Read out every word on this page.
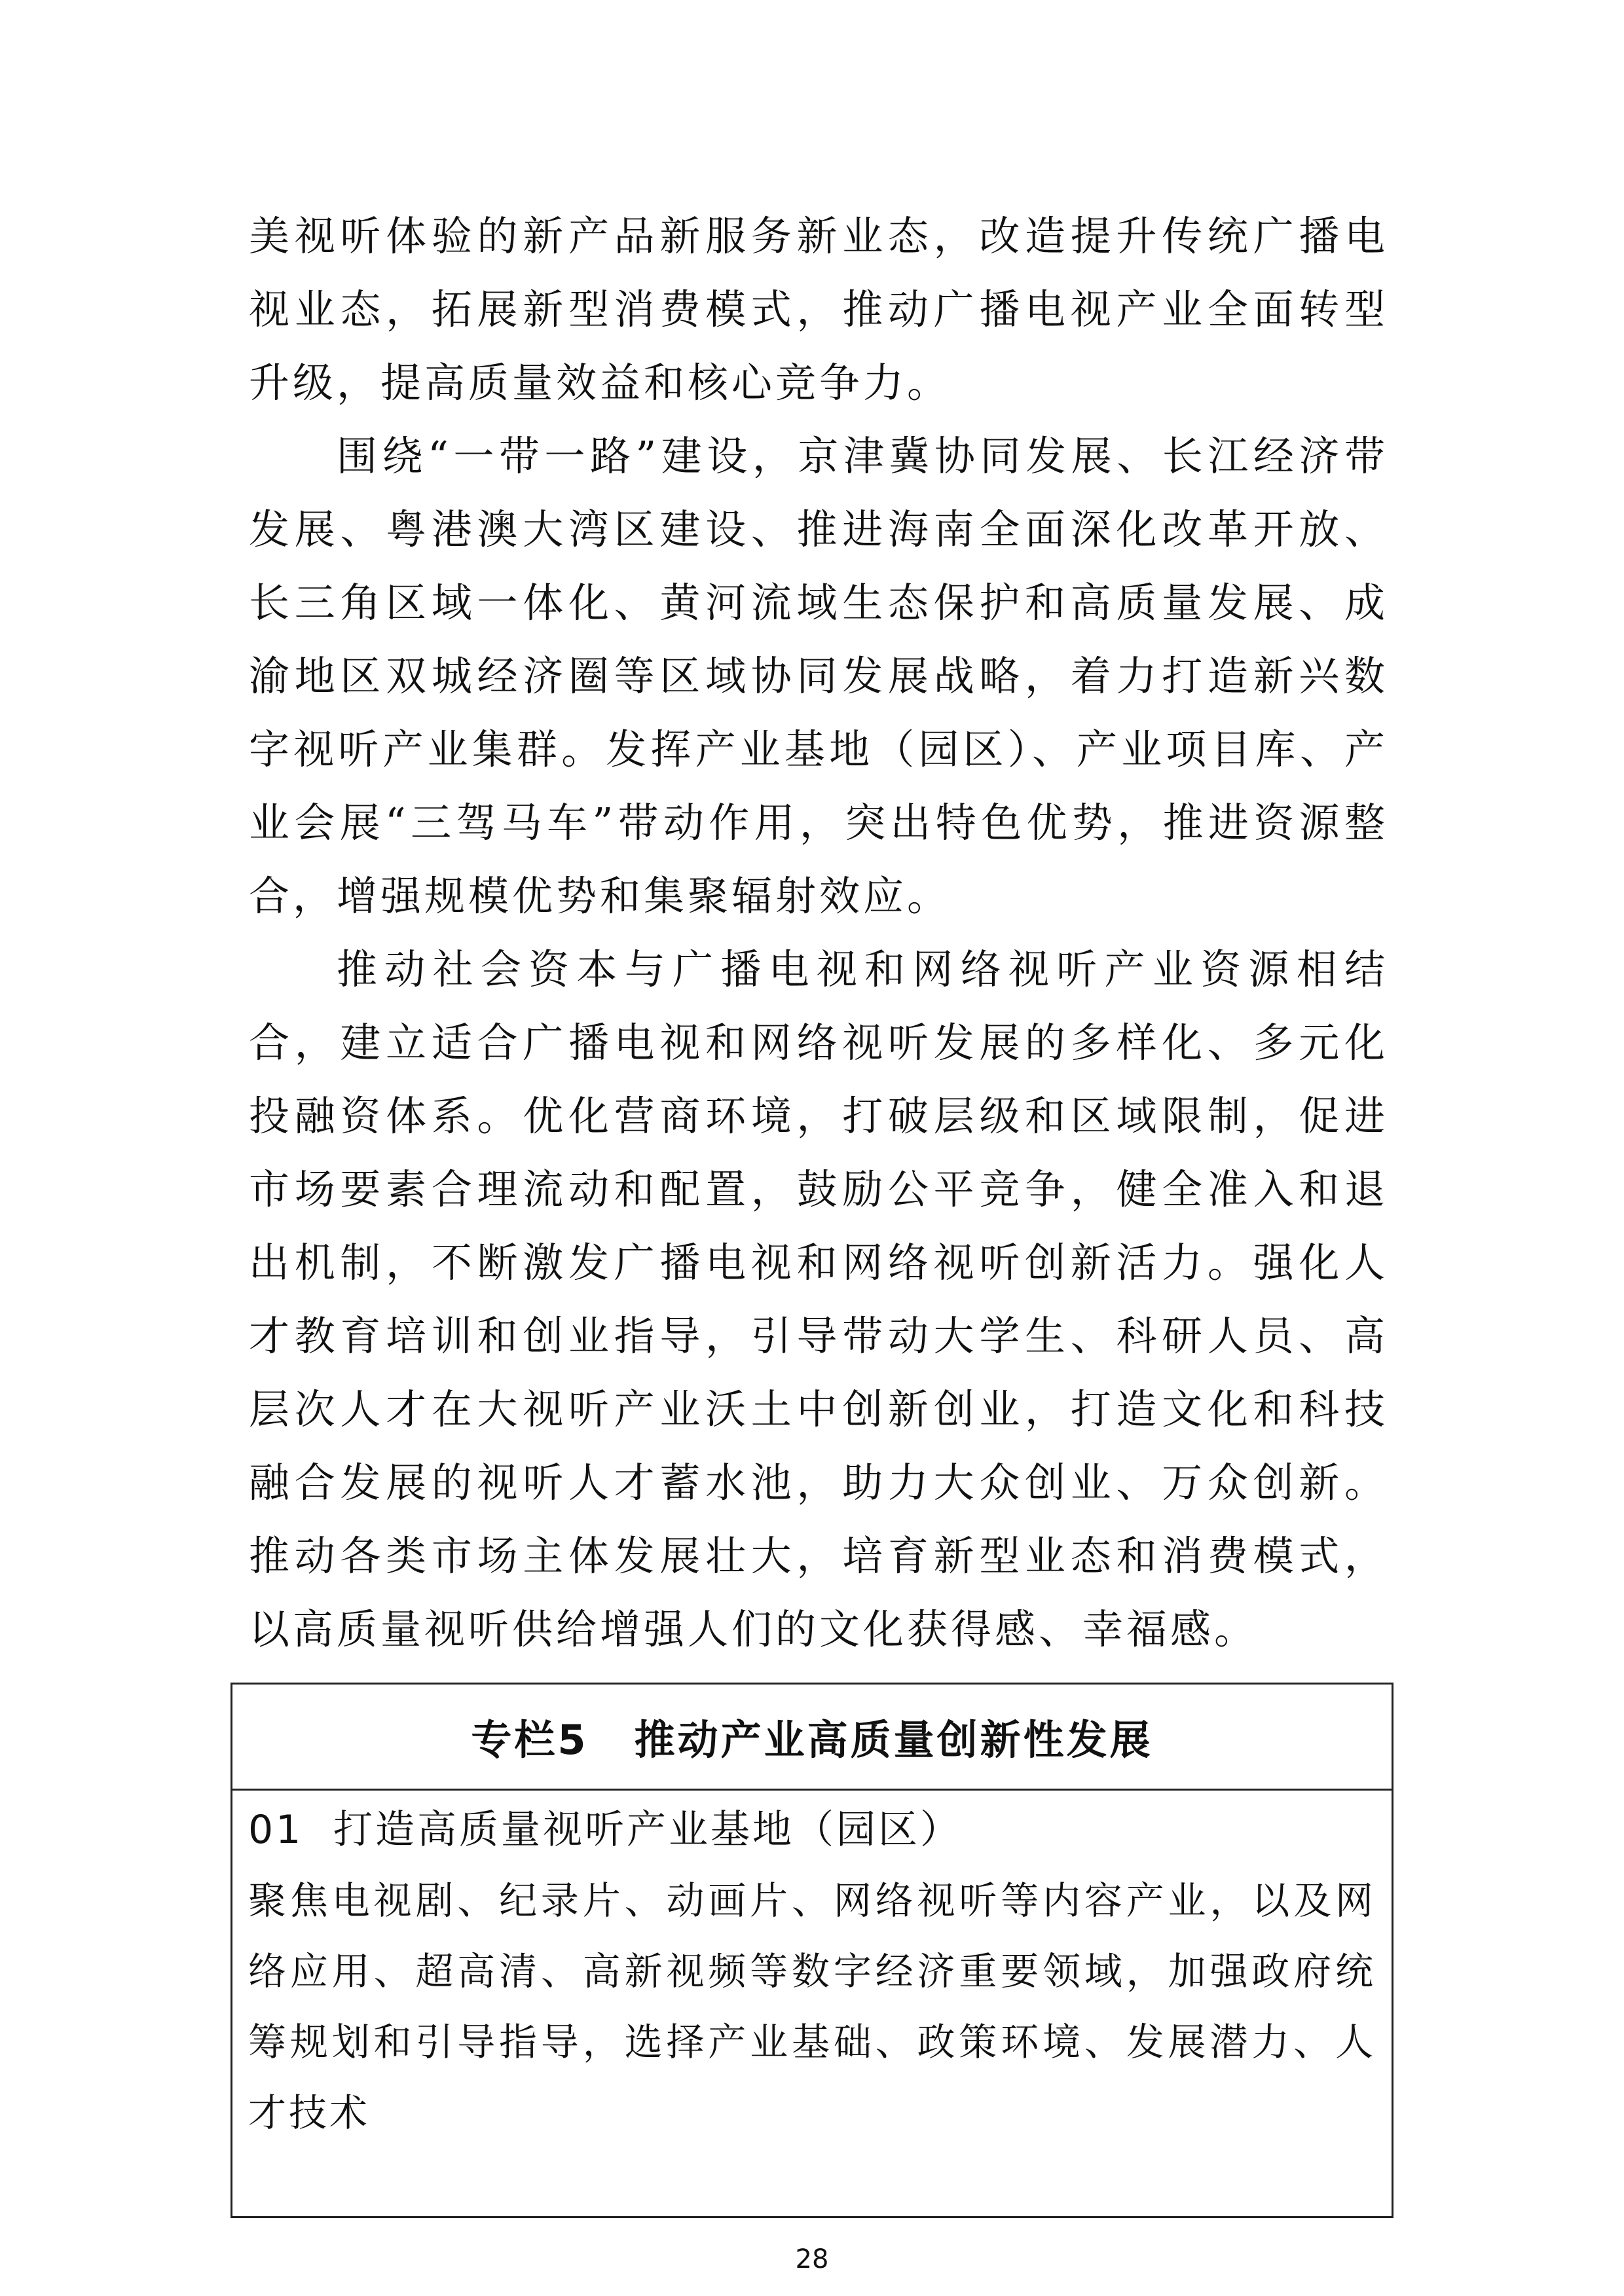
美视听体验的新产品新服务新业态，改造提升传统广播电视业态，拓展新型消费模式，推动广播电视产业全面转型升级，提高质量效益和核心竞争力。

围绕“一带一路”建设，京津冀协同发展、长江经济带发展、粤港澳大湾区建设、推进海南全面深化改革开放、长三角区域一体化、黄河流域生态保护和高质量发展、成渝地区双城经济圈等区域协同发展战略，着力打造新兴数字视听产业集群。发挥产业基地（园区）、产业项目库、产业会展“三驾马车”带动作用，突出特色优势，推进资源整合，增强规模优势和集聚辐射效应。

推动社会资本与广播电视和网络视听产业资源相结合，建立适合广播电视和网络视听发展的多样化、多元化投融资体系。优化营商环境，打破层级和区域限制，促进市场要素合理流动和配置，鼓励公平竞争，健全准入和退出机制，不断激发广播电视和网络视听创新活力。强化人才教育培训和创业指导，引导带动大学生、科研人员、高层次人才在大视听产业沃土中创新创业，打造文化和科技融合发展的视听人才蓄水池，助力大众创业、万众创新。推动各类市场主体发展壮大，培育新型业态和消费模式，以高质量视听供给增强人们的文化获得感、幸福感。

专栏5 推动产业高质量创新性发展
01 打造高质量视听产业基地（园区）
聚焦电视剧、纪录片、动画片、网络视听等内容产业，以及网络应用、超高清、高新视频等数字经济重要领域，加强政府统筹规划和引导指导，选择产业基础、政策环境、发展潜力、人才技术
28
